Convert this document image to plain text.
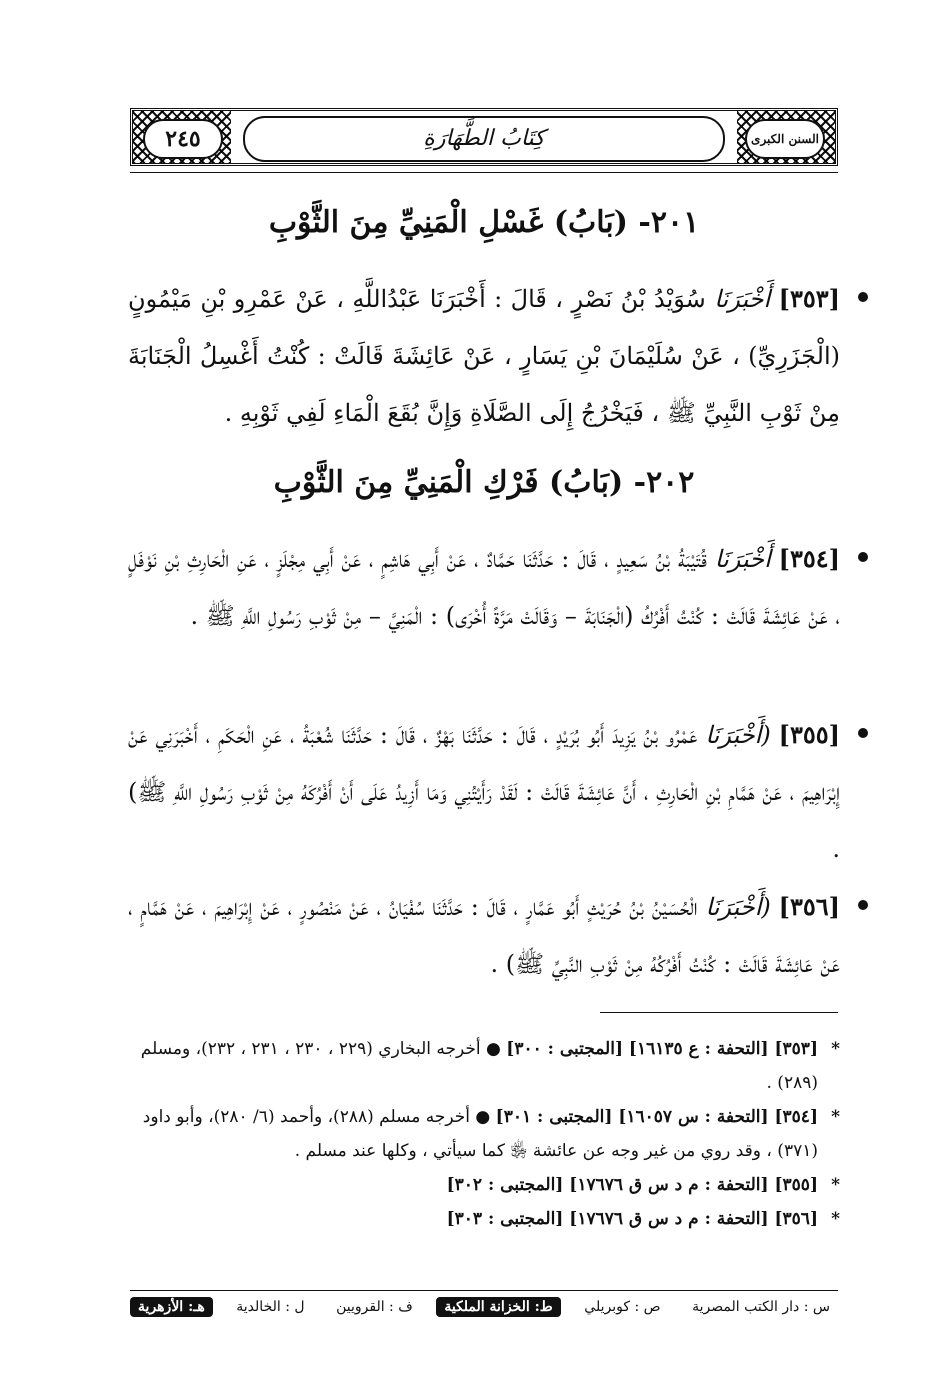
السنن الكبرى
كِتَابُ الطَّهَارَةِ
٢٤٥
٢٠١- (بَابُ) غَسْلِ الْمَنِيِّ مِنَ الثَّوْبِ
[٣٥٣] أَخْبَرَنَا سُوَيْدُ بْنُ نَصْرٍ ، قَالَ : أَخْبَرَنَا عَبْدُاللَّهِ ، عَنْ عَمْرِو بْنِ مَيْمُونٍ (الْجَزَرِيِّ) ، عَنْ سُلَيْمَانَ بْنِ يَسَارٍ ، عَنْ عَائِشَةَ قَالَتْ : كُنْتُ أَغْسِلُ الْجَنَابَةَ مِنْ ثَوْبِ النَّبِيِّ ﷺ ، فَيَخْرُجُ إِلَى الصَّلَاةِ وَإِنَّ بُقَعَ الْمَاءِ لَفِي ثَوْبِهِ .
٢٠٢- (بَابُ) فَرْكِ الْمَنِيِّ مِنَ الثَّوْبِ
[٣٥٤] أَخْبَرَنَا قُتَيْبَةُ بْنُ سَعِيدٍ ، قَالَ : حَدَّثَنَا حَمَّادٌ ، عَنْ أَبِي هَاشِمٍ ، عَنْ أَبِي مِجْلَزٍ ، عَنِ الْحَارِثِ بْنِ نَوْفَلٍ ، عَنْ عَائِشَةَ قَالَتْ : كُنْتُ أَفْرُكُ (الْجَنَابَةَ – وَقَالَتْ مَرَّةً أُخْرَى) : الْمَنِيَّ – مِنْ ثَوْبِ رَسُولِ اللَّهِ ﷺ .
[٣٥٥] (أَخْبَرَنَا عَمْرُو بْنُ يَزِيدَ أَبُو بُرَيْدٍ ، قَالَ : حَدَّثَنَا بَهْزٌ ، قَالَ : حَدَّثَنَا شُعْبَةُ ، عَنِ الْحَكَمِ ، أَخْبَرَنِي عَنْ إِبْرَاهِيمَ ، عَنْ هَمَّامِ بْنِ الْحَارِثِ ، أَنَّ عَائِشَةَ قَالَتْ : لَقَدْ رَأَيْتُنِي وَمَا أَزِيدُ عَلَى أَنْ أَفْرُكَهُ مِنْ ثَوْبِ رَسُولِ اللَّهِ ﷺ) .
[٣٥٦] (أَخْبَرَنَا الْحُسَيْنُ بْنُ حُرَيْثٍ أَبُو عَمَّارٍ ، قَالَ : حَدَّثَنَا سُفْيَانُ ، عَنْ مَنْصُورٍ ، عَنْ إِبْرَاهِيمَ ، عَنْ هَمَّامٍ ، عَنْ عَائِشَةَ قَالَتْ : كُنْتُ أَفْرُكُهُ مِنْ ثَوْبِ النَّبِيِّ ﷺ) .
*
[٣٥٣] [التحفة : ع ١٦١٣٥] [المجتبى : ٣٠٠] ● أخرجه البخاري (٢٢٩ ، ٢٣٠ ، ٢٣١ ، ٢٣٢)، ومسلم (٢٨٩) .
*
[٣٥٤] [التحفة : س ١٦٠٥٧] [المجتبى : ٣٠١] ● أخرجه مسلم (٢٨٨)، وأحمد (٦/ ٢٨٠)، وأبو داود (٣٧١) ، وقد روي من غير وجه عن عائشة ﵂ كما سيأتي ، وكلها عند مسلم .
*
[٣٥٥] [التحفة : م د س ق ١٧٦٧٦] [المجتبى : ٣٠٢]
*
[٣٥٦] [التحفة : م د س ق ١٧٦٧٦] [المجتبى : ٣٠٣]
س : دار الكتب المصرية
ص : كوبريلي
ط: الخزانة الملكية
ف : القرويين
ل : الخالدية
هـ: الأزهرية
